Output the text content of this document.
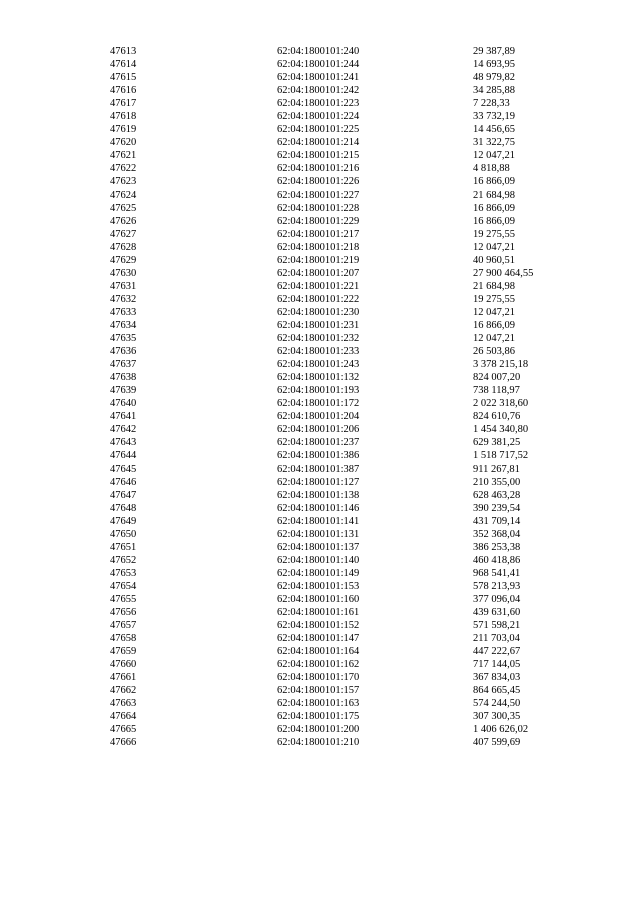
47613	62:04:1800101:240	29 387,89
47614	62:04:1800101:244	14 693,95
47615	62:04:1800101:241	48 979,82
47616	62:04:1800101:242	34 285,88
47617	62:04:1800101:223	7 228,33
47618	62:04:1800101:224	33 732,19
47619	62:04:1800101:225	14 456,65
47620	62:04:1800101:214	31 322,75
47621	62:04:1800101:215	12 047,21
47622	62:04:1800101:216	4 818,88
47623	62:04:1800101:226	16 866,09
47624	62:04:1800101:227	21 684,98
47625	62:04:1800101:228	16 866,09
47626	62:04:1800101:229	16 866,09
47627	62:04:1800101:217	19 275,55
47628	62:04:1800101:218	12 047,21
47629	62:04:1800101:219	40 960,51
47630	62:04:1800101:207	27 900 464,55
47631	62:04:1800101:221	21 684,98
47632	62:04:1800101:222	19 275,55
47633	62:04:1800101:230	12 047,21
47634	62:04:1800101:231	16 866,09
47635	62:04:1800101:232	12 047,21
47636	62:04:1800101:233	26 503,86
47637	62:04:1800101:243	3 378 215,18
47638	62:04:1800101:132	824 007,20
47639	62:04:1800101:193	738 118,97
47640	62:04:1800101:172	2 022 318,60
47641	62:04:1800101:204	824 610,76
47642	62:04:1800101:206	1 454 340,80
47643	62:04:1800101:237	629 381,25
47644	62:04:1800101:386	1 518 717,52
47645	62:04:1800101:387	911 267,81
47646	62:04:1800101:127	210 355,00
47647	62:04:1800101:138	628 463,28
47648	62:04:1800101:146	390 239,54
47649	62:04:1800101:141	431 709,14
47650	62:04:1800101:131	352 368,04
47651	62:04:1800101:137	386 253,38
47652	62:04:1800101:140	460 418,86
47653	62:04:1800101:149	968 541,41
47654	62:04:1800101:153	578 213,93
47655	62:04:1800101:160	377 096,04
47656	62:04:1800101:161	439 631,60
47657	62:04:1800101:152	571 598,21
47658	62:04:1800101:147	211 703,04
47659	62:04:1800101:164	447 222,67
47660	62:04:1800101:162	717 144,05
47661	62:04:1800101:170	367 834,03
47662	62:04:1800101:157	864 665,45
47663	62:04:1800101:163	574 244,50
47664	62:04:1800101:175	307 300,35
47665	62:04:1800101:200	1 406 626,02
47666	62:04:1800101:210	407 599,69
